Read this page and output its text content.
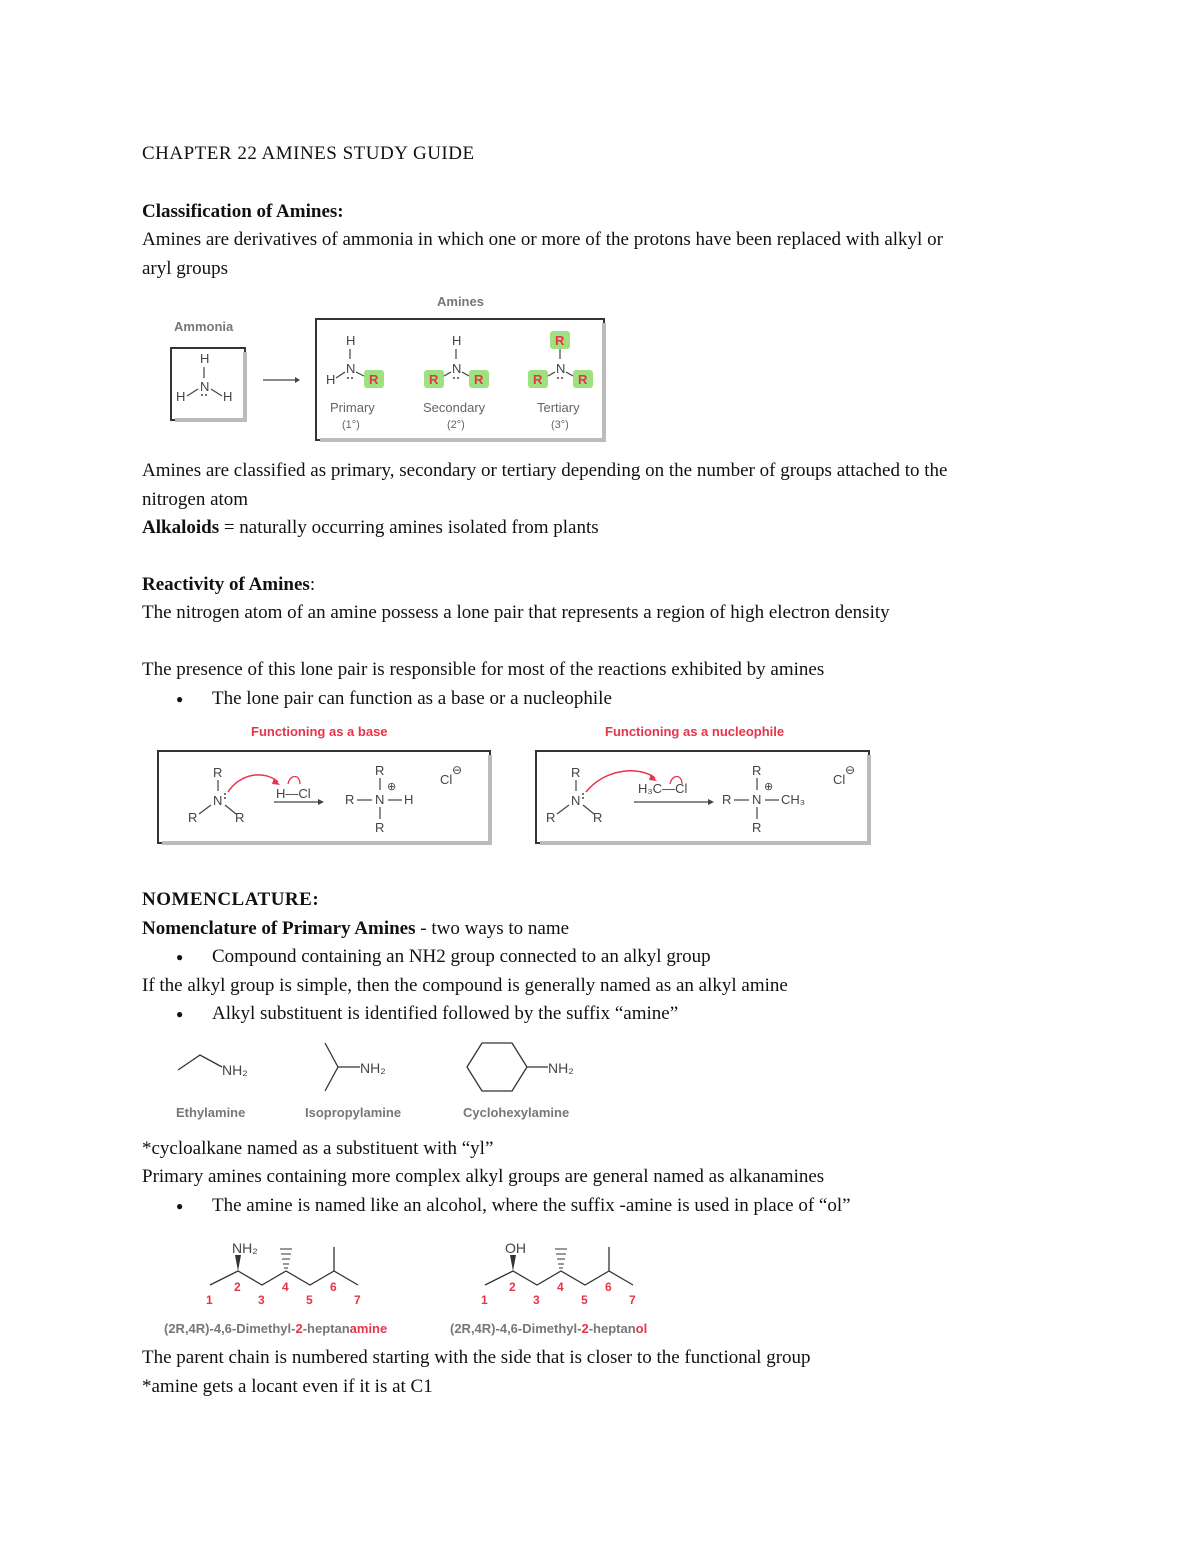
CHAPTER 22 AMINES STUDY GUIDE
Classification of Amines:
Amines are derivatives of ammonia in which one or more of the protons have been replaced with alkyl or
aryl groups
Ammonia
Amines
H
N
H	H
H
N
H	R
Primary
(1°)
H
N
R	R
Secondary
(2°)
R
N
R	R
Tertiary
(3°)
Amines are classified as primary, secondary or tertiary depending on the number of groups attached to the
nitrogen atom
Alkaloids = naturally occurring amines isolated from plants
Reactivity of Amines:
The nitrogen atom of an amine possess a lone pair that represents a region of high electron density
The presence of this lone pair is responsible for most of the reactions exhibited by amines
● The lone pair can function as a base or a nucleophile
Functioning as a base	Functioning as a nucleophile
R
N
R	R
H—Cl
R
⊕
R N H
R
Cl
⊖	R
N
R	R
H₃C—Cl
R
⊕
R N CH₃
R
Cl
⊖
NOMENCLATURE:
Nomenclature of Primary Amines - two ways to name
● Compound containing an NH2 group connected to an alkyl group
If the alkyl group is simple, then the compound is generally named as an alkyl amine
● Alkyl substituent is identified followed by the suffix “amine”
NH₂
Ethylamine
NH₂
Isopropylamine
NH₂
Cyclohexylamine
*cycloalkane named as a substituent with “yl”
Primary amines containing more complex alkyl groups are general named as alkanamines
● The amine is named like an alcohol, where the suffix -amine is used in place of “ol”
NH₂
1
2
3
4
5
6
7
(2R,4R)-4,6-Dimethyl-2-heptanamine
OH
1
2
3
4
5
6
7
(2R,4R)-4,6-Dimethyl-2-heptanol
The parent chain is numbered starting with the side that is closer to the functional group
*amine gets a locant even if it is at C1
